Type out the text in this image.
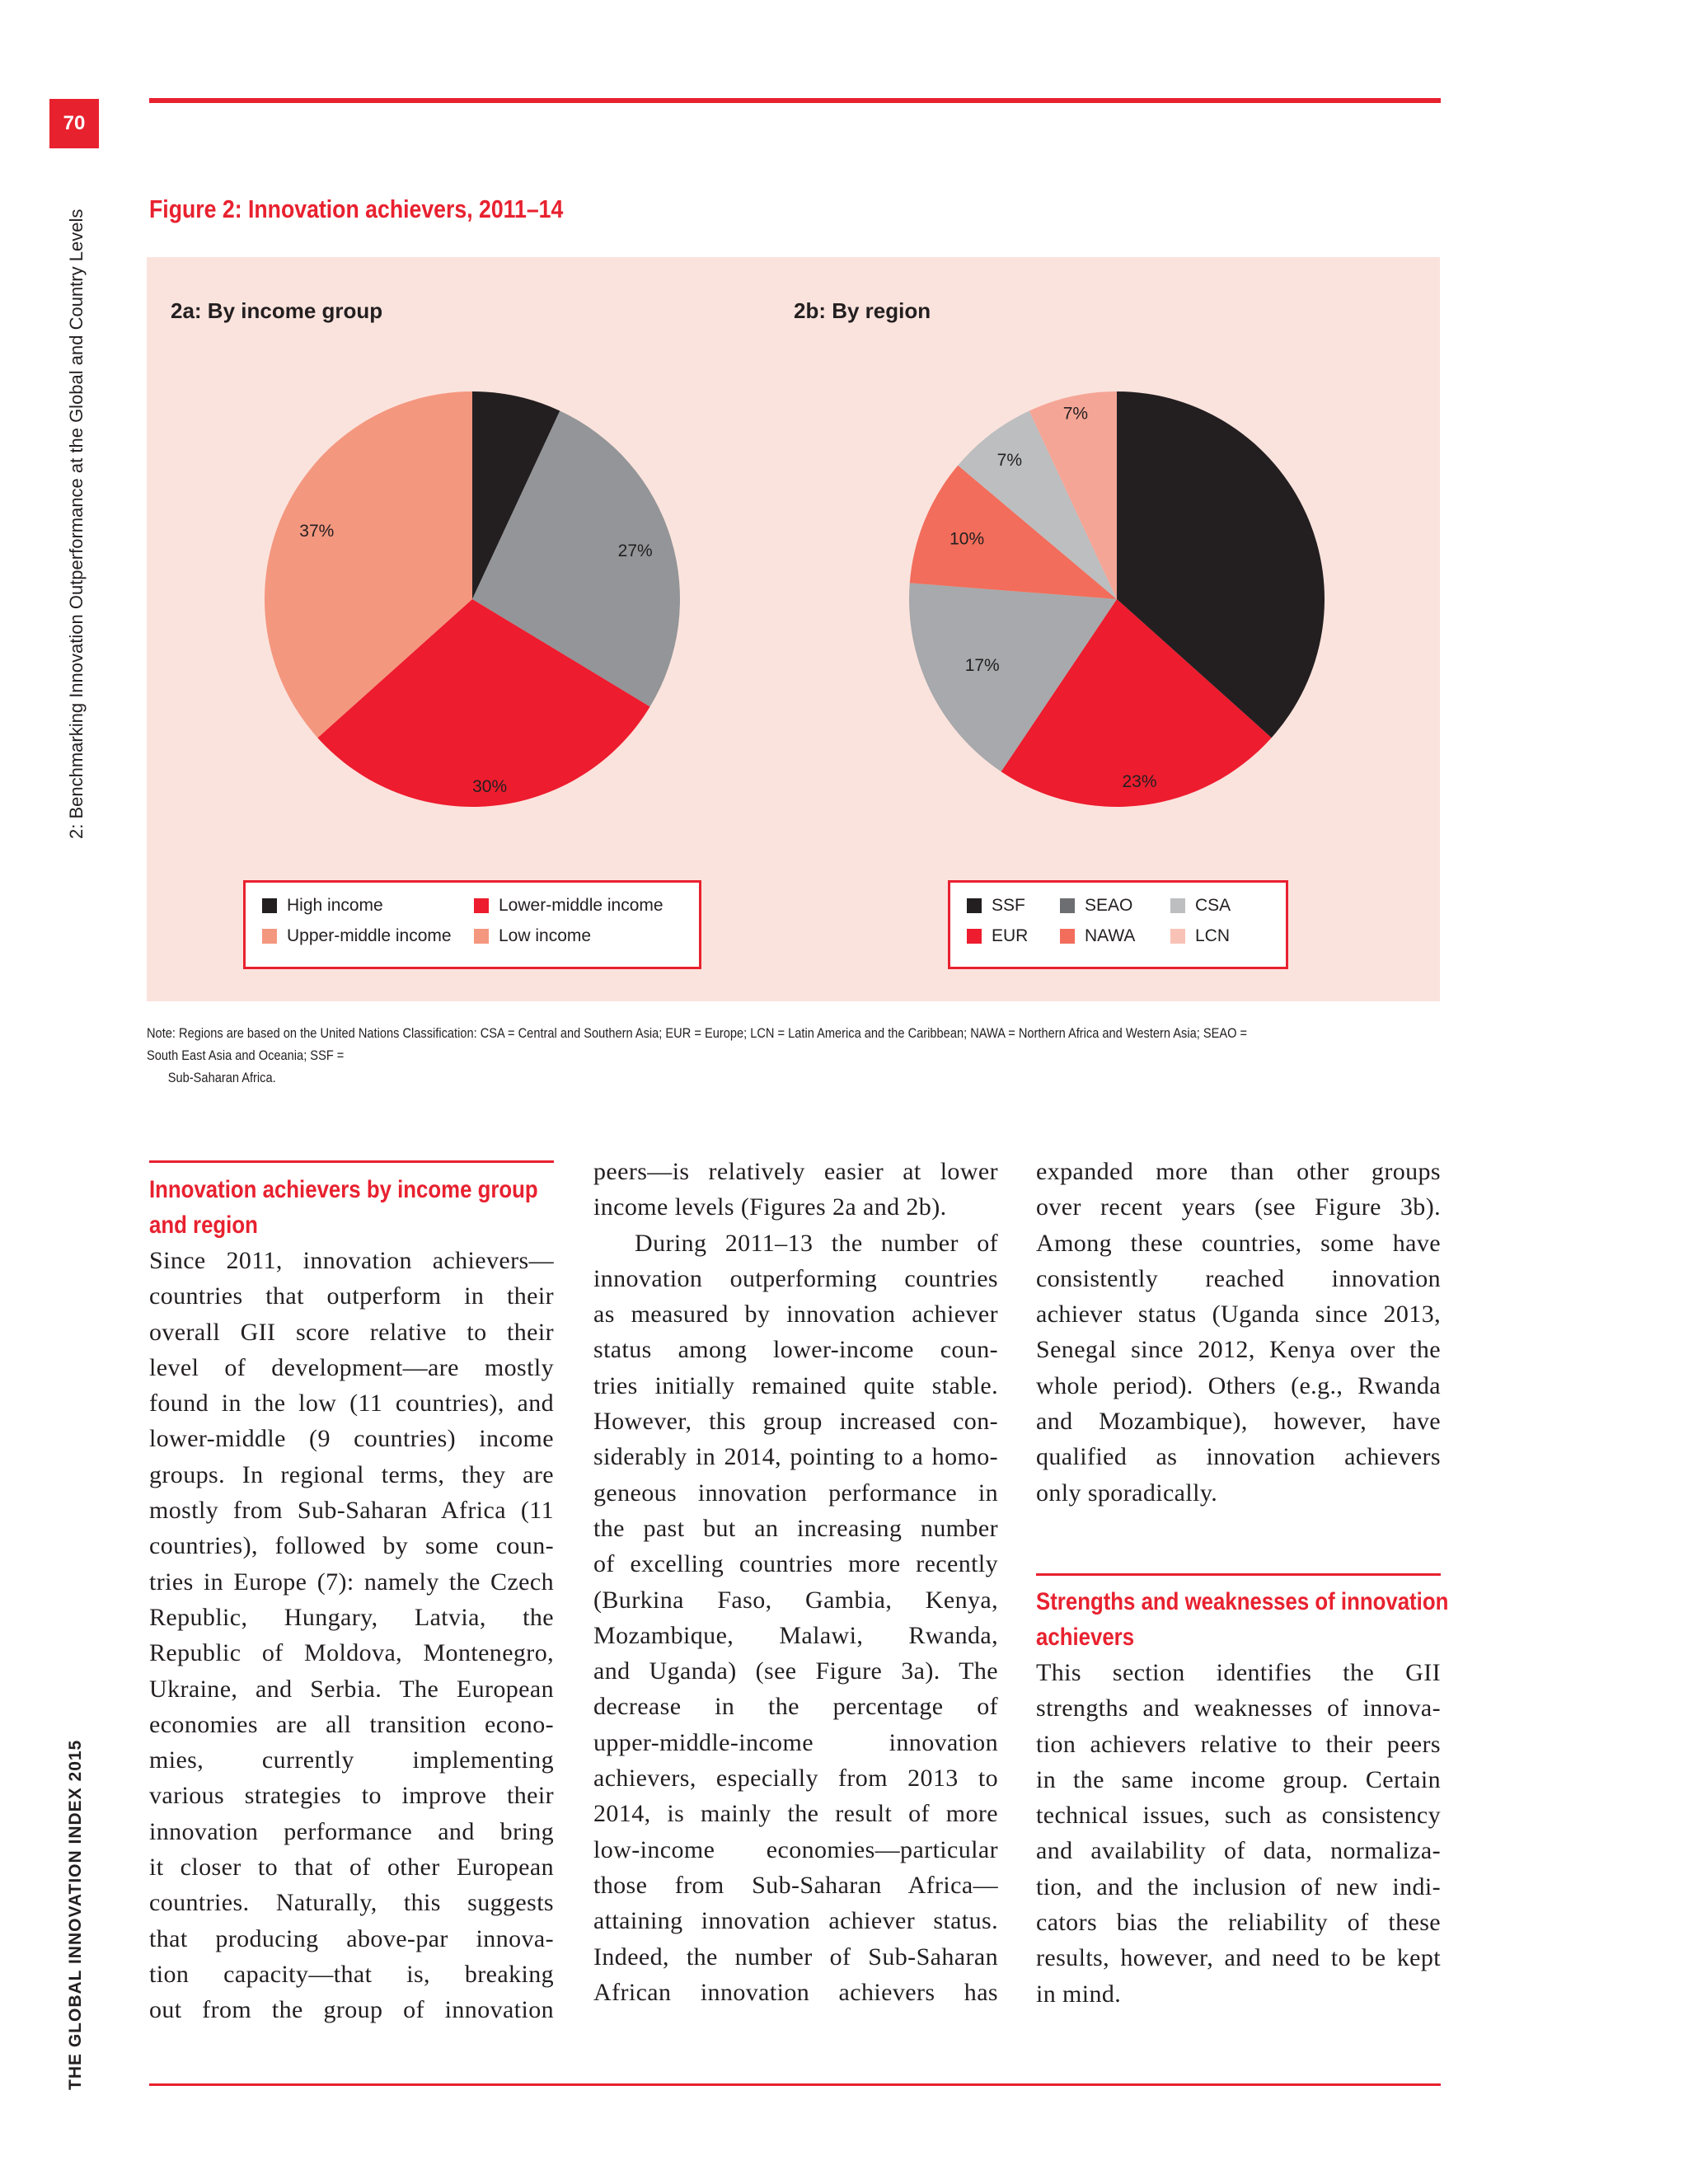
70
2: Benchmarking Innovation Outperformance at the Global and Country Levels
THE GLOBAL INNOVATION INDEX 2015
Figure 2: Innovation achievers, 2011–14
2a: By income group	2b: By region
7%
27%
30%
37%	37%
23%
17%
10%
7%
7%
High income	Lower-middle income
Upper-middle income	Low income
SSF	SEAO	CSA
EUR	NAWA	LCN
Note: Regions are based on the United Nations Classification: CSA = Central and Southern Asia; EUR = Europe; LCN = Latin America and the Caribbean; NAWA = Northern Africa and Western Asia; SEAO = South East Asia and Oceania; SSF =
Sub-Saharan Africa.
Innovation achievers by income group
and region

Since 2011, innovation achievers—

countries that outperform in their

overall GII score relative to their

level of development—are mostly

found in the low (11 countries), and

lower-middle (9 countries) income

groups. In regional terms, they are

mostly from Sub-Saharan Africa (11

countries), followed by some coun-

tries in Europe (7): namely the Czech

Republic, Hungary, Latvia, the

Republic of Moldova, Montenegro,

Ukraine, and Serbia. The European

economies are all transition econo-

mies, currently implementing

various strategies to improve their

innovation performance and bring

it closer to that of other European

countries. Naturally, this suggests

that producing above-par innova-

tion capacity—that is, breaking

out from the group of innovation

peers—is relatively easier at lower

income levels (Figures 2a and 2b).

During 2011–13 the number of

innovation outperforming countries

as measured by innovation achiever

status among lower-income coun-

tries initially remained quite stable.

However, this group increased con-

siderably in 2014, pointing to a homo-

geneous innovation performance in

the past but an increasing number

of excelling countries more recently

(Burkina Faso, Gambia, Kenya,

Mozambique, Malawi, Rwanda,

and Uganda) (see Figure 3a). The

decrease in the percentage of

upper-middle-income innovation

achievers, especially from 2013 to

2014, is mainly the result of more

low-income economies—particular

those from Sub-Saharan Africa—

attaining innovation achiever status.

Indeed, the number of Sub-Saharan

African innovation achievers has

expanded more than other groups

over recent years (see Figure 3b).

Among these countries, some have

consistently reached innovation

achiever status (Uganda since 2013,

Senegal since 2012, Kenya over the

whole period). Others (e.g., Rwanda

and Mozambique), however, have

qualified as innovation achievers

only sporadically.

Strengths and weaknesses of innovation
achievers

This section identifies the GII

strengths and weaknesses of innova-

tion achievers relative to their peers

in the same income group. Certain

technical issues, such as consistency

and availability of data, normaliza-

tion, and the inclusion of new indi-

cators bias the reliability of these

results, however, and need to be kept

in mind.
